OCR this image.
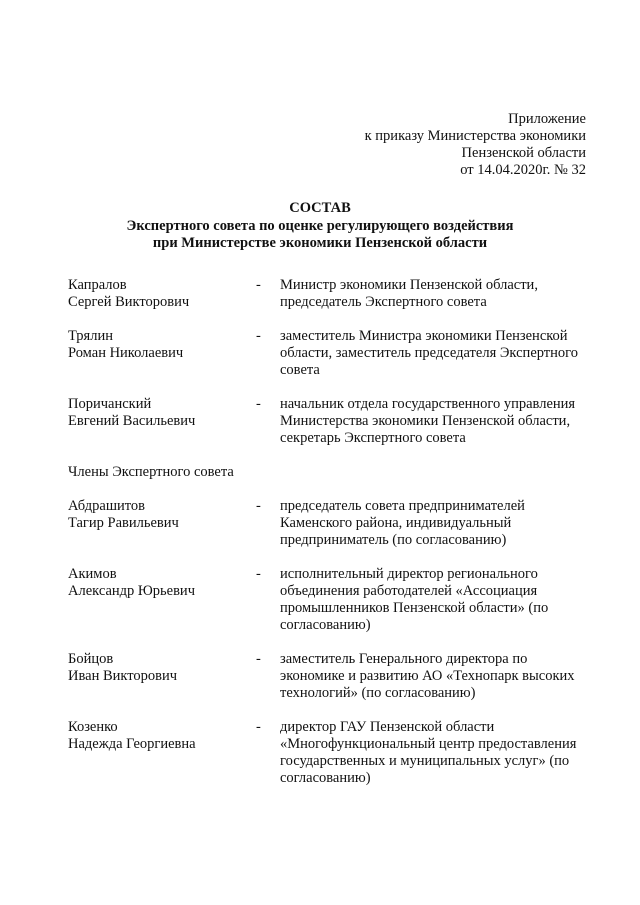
Приложение
к приказу Министерства экономики
Пензенской области
от 14.04.2020г. № 32
СОСТАВ
Экспертного совета по оценке регулирующего воздействия
при Министерстве экономики Пензенской области
Капралов
Сергей Викторович
-	Министр экономики Пензенской области,
председатель Экспертного совета
Трялин
Роман Николаевич
-	заместитель Министра экономики Пензенской
области, заместитель председателя Экспертного
совета
Поричанский
Евгений Васильевич
-	начальник отдела государственного управления
Министерства экономики Пензенской области,
секретарь Экспертного совета
Члены Экспертного совета
Абдрашитов
Тагир Равильевич
-	председатель совета предпринимателей
Каменского района, индивидуальный
предприниматель (по согласованию)
Акимов
Александр Юрьевич
-	исполнительный директор регионального
объединения работодателей «Ассоциация
промышленников Пензенской области» (по
согласованию)
Бойцов
Иван Викторович
-	заместитель Генерального директора по
экономике и развитию АО «Технопарк высоких
технологий» (по согласованию)
Козенко
Надежда Георгиевна
-	директор ГАУ Пензенской области
«Многофункциональный центр предоставления
государственных и муниципальных услуг» (по
согласованию)
